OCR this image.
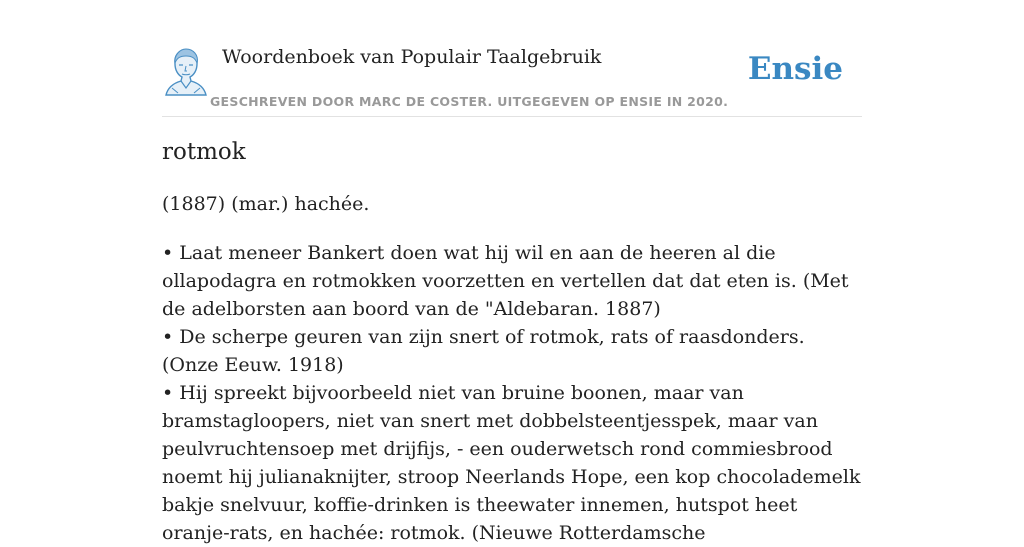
Woordenboek van Populair Taalgebruik
GESCHREVEN DOOR MARC DE COSTER. UITGEGEVEN OP ENSIE IN 2020.
Ensie
rotmok
(1887) (mar.) hachée.

• Laat meneer Bankert doen wat hij wil en aan de heeren al die ollapodagra en rotmokken voorzetten en vertellen dat dat eten is. (Met de adelborsten aan boord van de "Aldebaran. 1887)

• De scherpe geuren van zijn snert of rotmok, rats of raasdonders. (Onze Eeuw. 1918)

• Hij spreekt bijvoorbeeld niet van bruine boonen, maar van bramstagloopers, niet van snert met dobbelsteentjesspek, maar van peulvruchtensoep met drijfijs, - een ouderwetsch rond commiesbrood noemt hij julianaknijter, stroop Neerlands Hope, een kop chocolademelk bakje snelvuur, koffie-drinken is theewater innemen, hutspot heet oranje-rats, en hachée: rotmok. (Nieuwe Rotterdamsche
